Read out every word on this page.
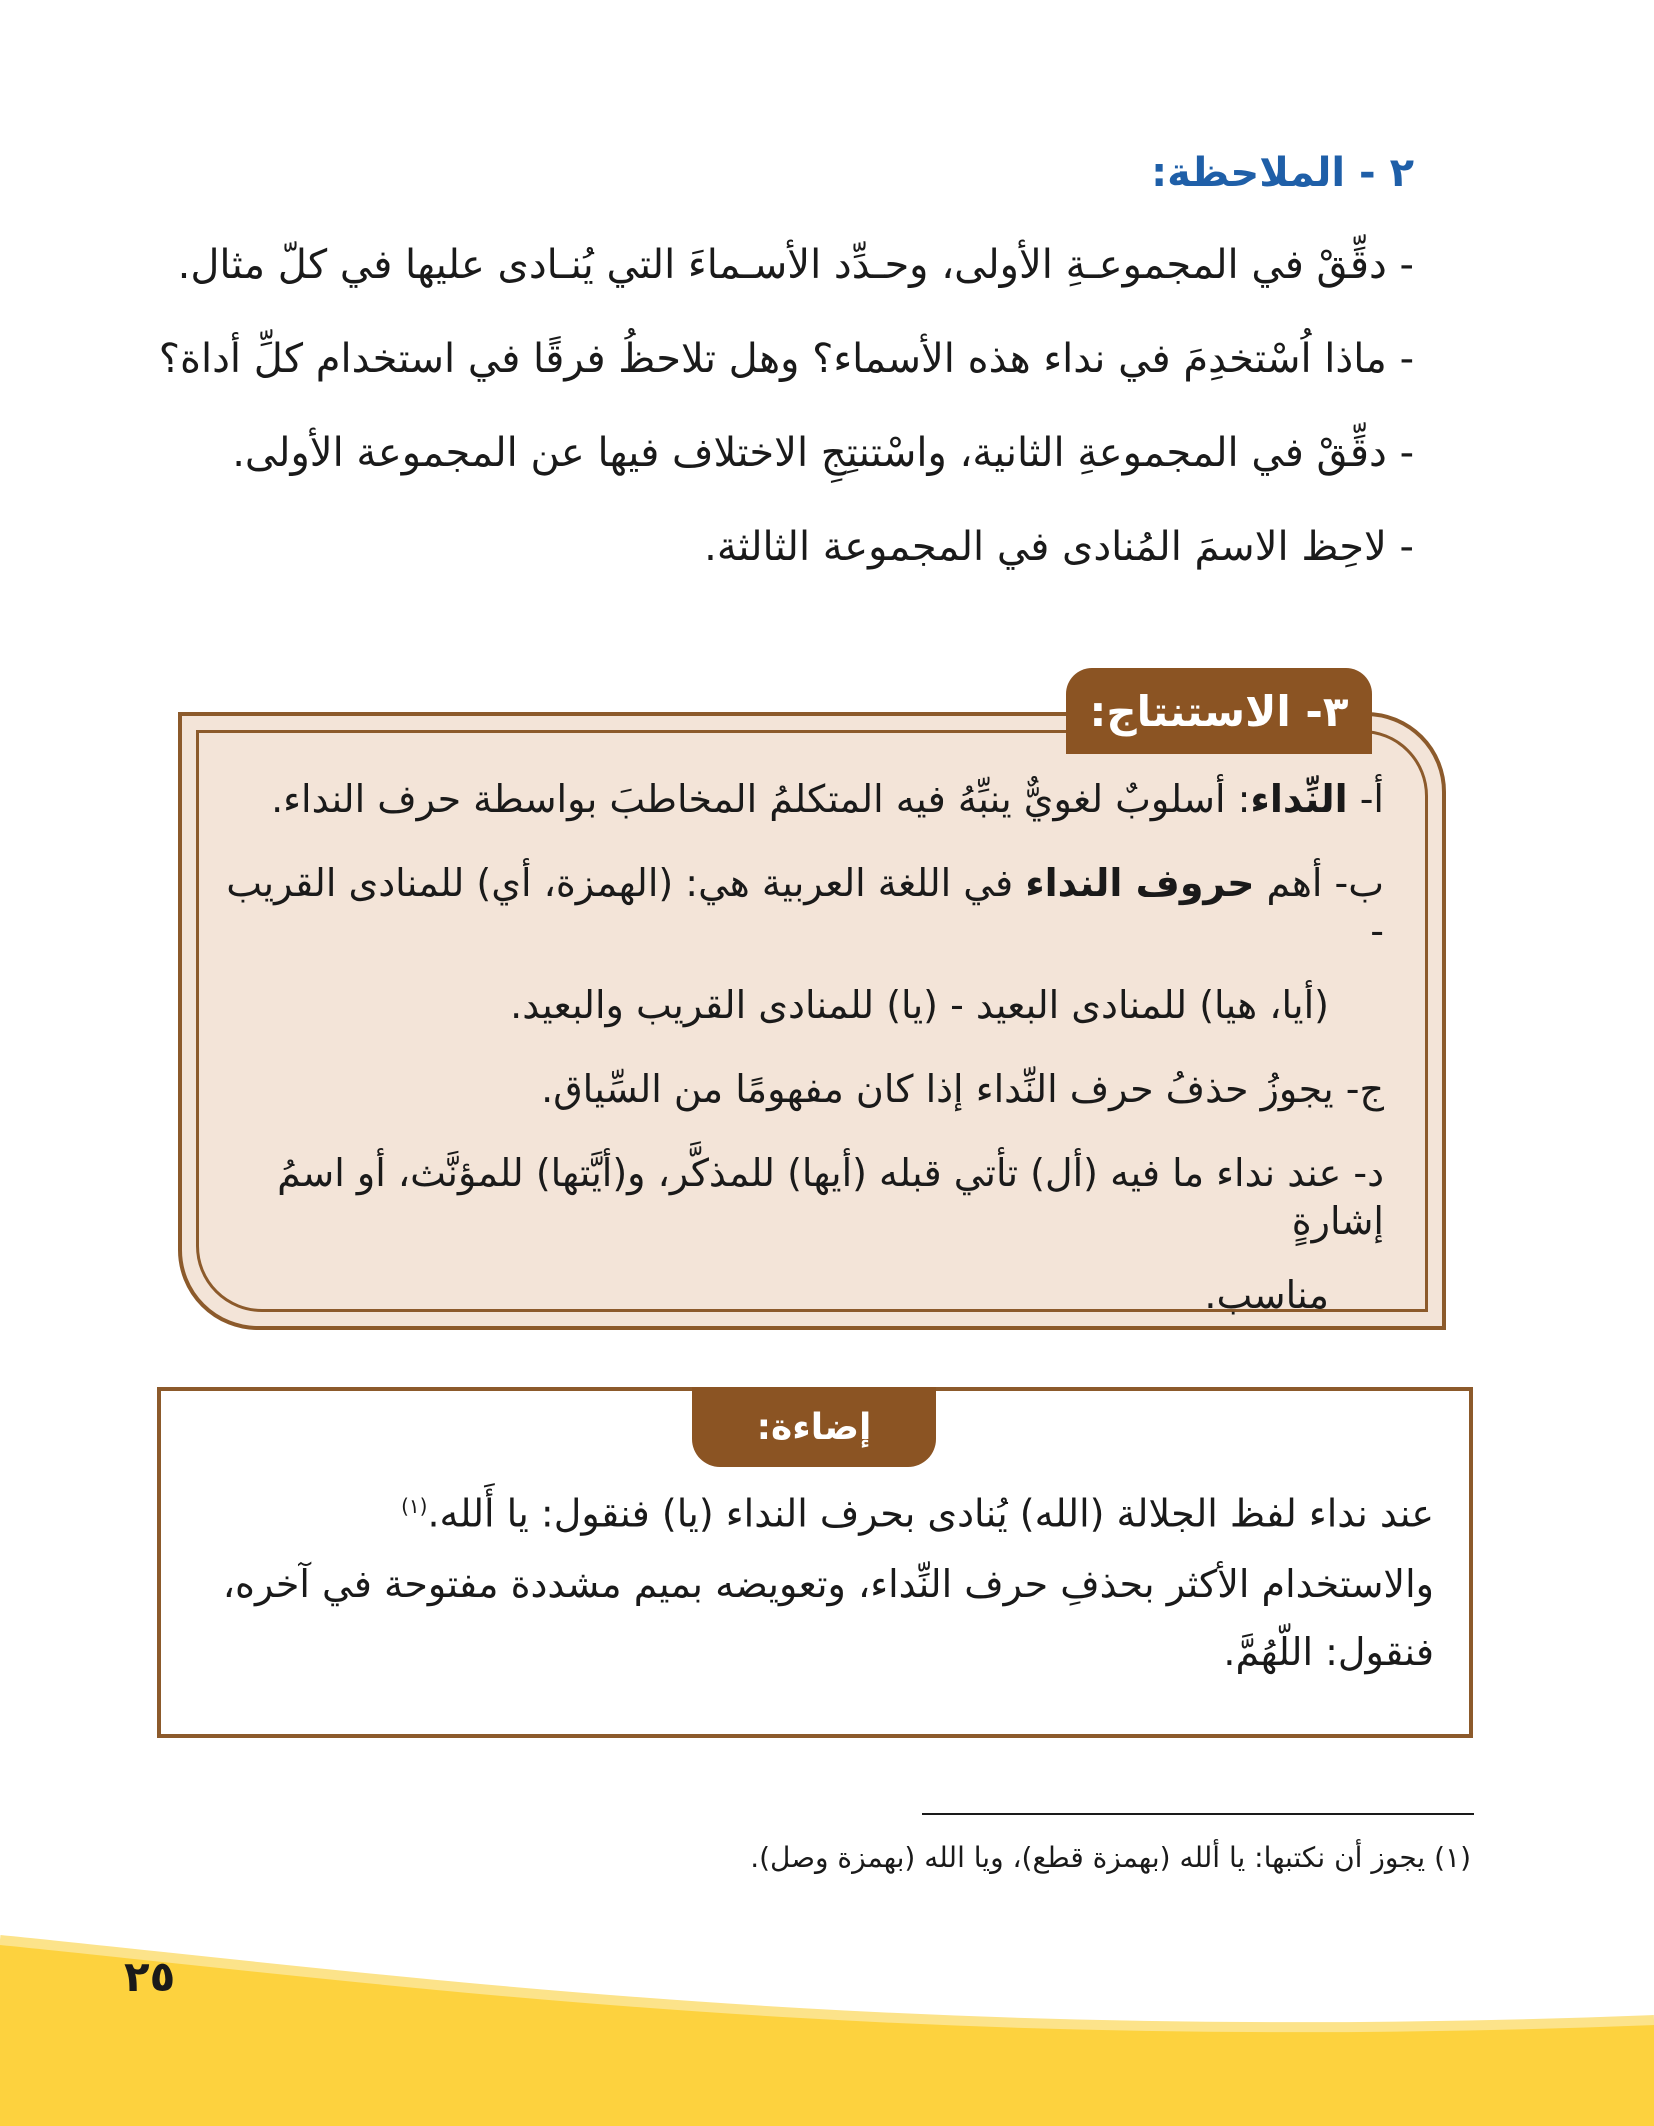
٢ - الملاحظة:
- دقِّقْ في المجموعـةِ الأولى، وحـدِّد الأسـماءَ التي يُنـادى عليها في كلّ مثال.
- ماذا اُسْتخدِمَ في نداء هذه الأسماء؟ وهل تلاحظُ فرقًا في استخدام كلِّ أداة؟
- دقِّقْ في المجموعةِ الثانية، واسْتنتِجِ الاختلاف فيها عن المجموعة الأولى.
- لاحِظ الاسمَ المُنادى في المجموعة الثالثة.
٣- الاستنتاج:

أ- النِّداء: أسلوبٌ لغويٌّ ينبِّهُ فيه المتكلمُ المخاطبَ بواسطة حرف النداء.

ب- أهم حروف النداء في اللغة العربية هي: (الهمزة، أي) للمنادى القريب -

(أيا، هيا) للمنادى البعيد - (يا) للمنادى القريب والبعيد.

ج- يجوزُ حذفُ حرف النِّداء إذا كان مفهومًا من السِّياق.

د- عند نداء ما فيه (أل) تأتي قبله (أيها) للمذكَّر، و(أيَّتها) للمؤنَّث، أو اسمُ إشارةٍ

مناسب.

إضاءة:

عند نداء لفظ الجلالة (الله) يُنادى بحرف النداء (يا) فنقول: يا أَلله.$^{(١)}$

والاستخدام الأكثر بحذفِ حرف النِّداء، وتعويضه بميم مشددة مفتوحة في آخره،

فنقول: اللّهُمَّ.

(١) يجوز أن نكتبها: يا ألله (بهمزة قطع)، ويا الله (بهمزة وصل).
٢٥
